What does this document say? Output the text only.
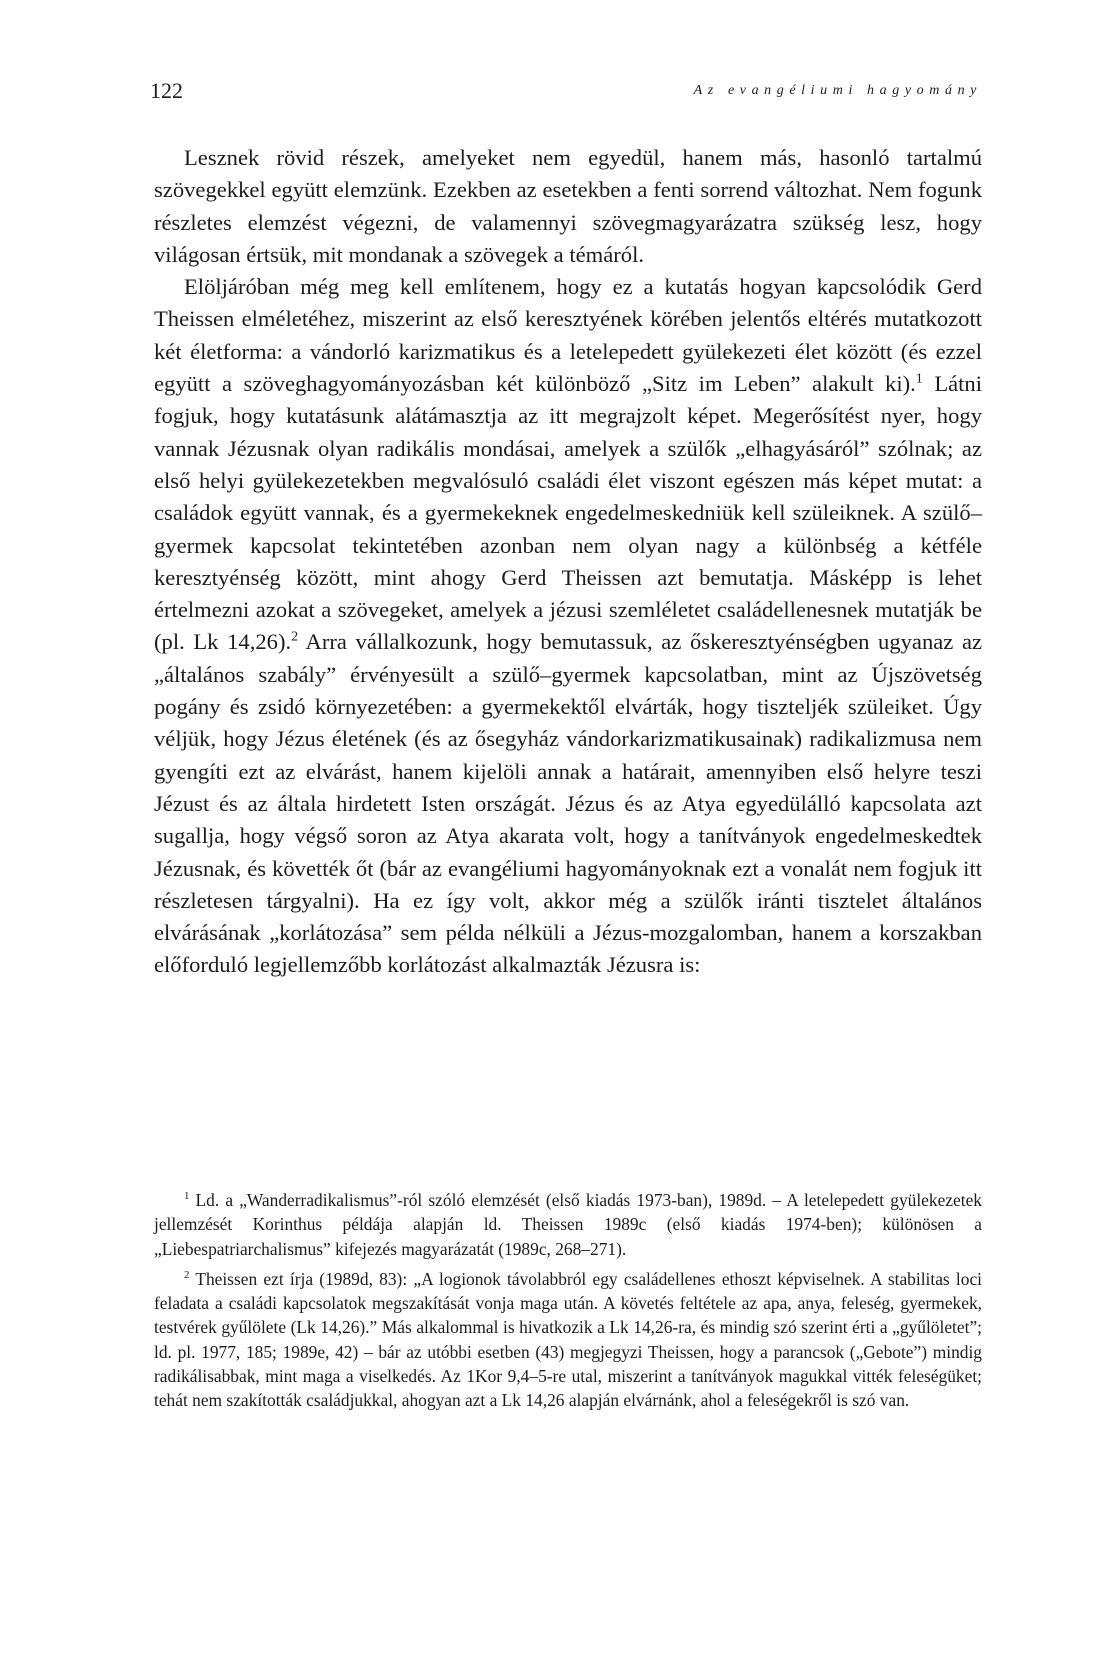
122	Az evangéliumi hagyomány

Lesznek rövid részek, amelyeket nem egyedül, hanem más, hasonló tartalmú szövegekkel együtt elemzünk. Ezekben az esetekben a fenti sorrend változhat. Nem fogunk részletes elemzést végezni, de valamennyi szövegmagyarázatra szükség lesz, hogy világosan értsük, mit mondanak a szövegek a témáról.

Elöljáróban még meg kell említenem, hogy ez a kutatás hogyan kapcsolódik Gerd Theissen elméletéhez, miszerint az első keresztyének körében jelentős eltérés mutatkozott két életforma: a vándorló karizmatikus és a letelepedett gyülekezeti élet között (és ezzel együtt a szöveghagyományozásban két különböző „Sitz im Leben” alakult ki).$^1$ Látni fogjuk, hogy kutatásunk alátámasztja az itt megrajzolt képet. Megerősítést nyer, hogy vannak Jézusnak olyan radikális mondásai, amelyek a szülők „elhagyásáról” szólnak; az első helyi gyülekezetekben megvalósuló családi élet viszont egészen más képet mutat: a családok együtt vannak, és a gyermekeknek engedelmeskedniük kell szüleiknek. A szülő–gyermek kapcsolat tekintetében azonban nem olyan nagy a különbség a kétféle keresztyénség között, mint ahogy Gerd Theissen azt bemutatja. Másképp is lehet értelmezni azokat a szövegeket, amelyek a jézusi szemléletet családellenesnek mutatják be (pl. Lk 14,26).$^2$ Arra vállalkozunk, hogy bemutassuk, az őskeresztyénségben ugyanaz az „általános szabály” érvényesült a szülő–gyermek kapcsolatban, mint az Újszövetség pogány és zsidó környezetében: a gyermekektől elvárták, hogy tiszteljék szüleiket. Úgy véljük, hogy Jézus életének (és az ősegyház vándorkarizmatikusainak) radikalizmusa nem gyengíti ezt az elvárást, hanem kijelöli annak a határait, amennyiben első helyre teszi Jézust és az általa hirdetett Isten országát. Jézus és az Atya egyedülálló kapcsolata azt sugallja, hogy végső soron az Atya akarata volt, hogy a tanítványok engedelmeskedtek Jézusnak, és követték őt (bár az evangéliumi hagyományoknak ezt a vonalát nem fogjuk itt részletesen tárgyalni). Ha ez így volt, akkor még a szülők iránti tisztelet általános elvárásának „korlátozása” sem példa nélküli a Jézus-mozgalomban, hanem a korszakban előforduló legjellemzőbb korlátozást alkalmazták Jézusra is:

$^1$ Ld. a „Wanderradikalismus”-ról szóló elemzését (első kiadás 1973-ban), 1989d. – A letelepedett gyülekezetek jellemzését Korinthus példája alapján ld. Theissen 1989c (első kiadás 1974-ben); különösen a „Liebespatriarchalismus” kifejezés magyarázatát (1989c, 268–271).

$^2$ Theissen ezt írja (1989d, 83): „A logionok távolabbról egy családellenes ethoszt képviselnek. A stabilitas loci feladata a családi kapcsolatok megszakítását vonja maga után. A követés feltétele az apa, anya, feleség, gyermekek, testvérek gyűlölete (Lk 14,26).” Más alkalommal is hivatkozik a Lk 14,26-ra, és mindig szó szerint érti a „gyűlöletet”; ld. pl. 1977, 185; 1989e, 42) – bár az utóbbi esetben (43) megjegyzi Theissen, hogy a parancsok („Gebote”) mindig radikálisabbak, mint maga a viselkedés. Az 1Kor 9,4–5-re utal, miszerint a tanítványok magukkal vitték feleségüket; tehát nem szakították családjukkal, ahogyan azt a Lk 14,26 alapján elvárnánk, ahol a feleségekről is szó van.
